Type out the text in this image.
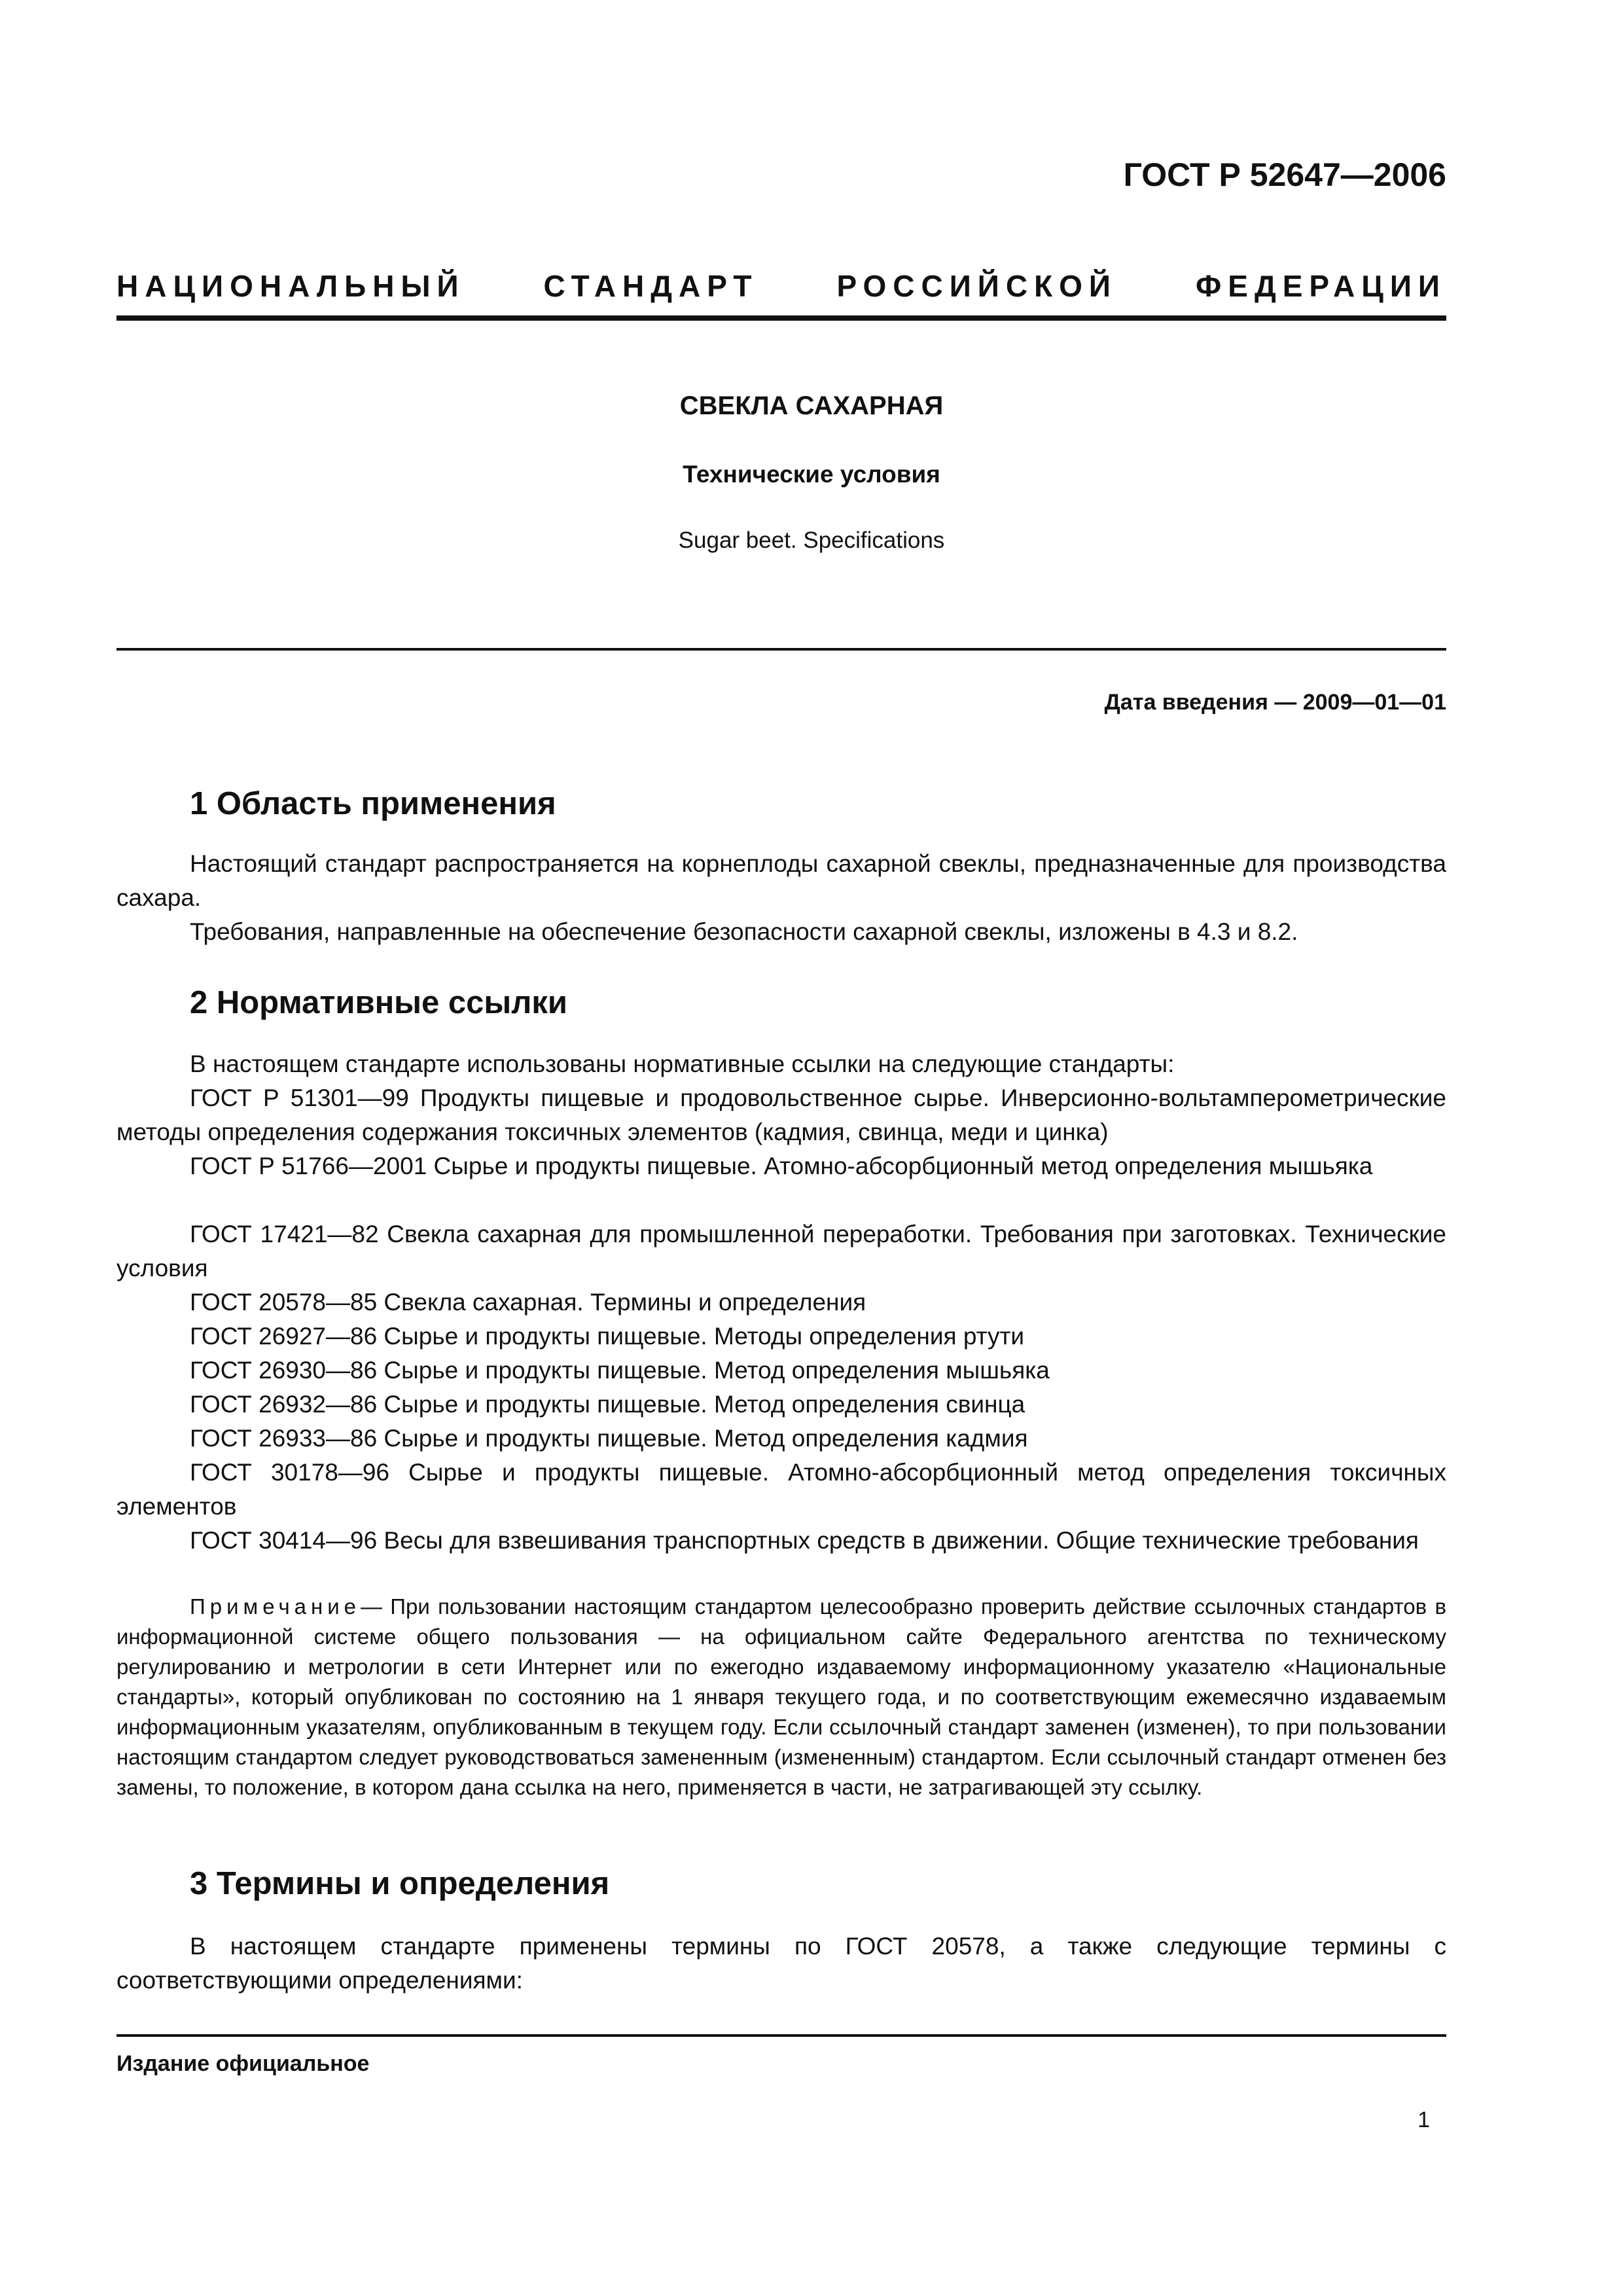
ГОСТ Р 52647—2006
НАЦИОНАЛЬНЫЙ СТАНДАРТ РОССИЙСКОЙ ФЕДЕРАЦИИ
СВЕКЛА САХАРНАЯ
Технические условия
Sugar beet. Specifications
Дата введения — 2009—01—01
1 Область применения
Настоящий стандарт распространяется на корнеплоды сахарной свеклы, предназначенные для производства сахара.
Требования, направленные на обеспечение безопасности сахарной свеклы, изложены в 4.3 и 8.2.
2 Нормативные ссылки
В настоящем стандарте использованы нормативные ссылки на следующие стандарты:
ГОСТ Р 51301—99 Продукты пищевые и продовольственное сырье. Инверсионно-вольтамперометрические методы определения содержания токсичных элементов (кадмия, свинца, меди и цинка)
ГОСТ Р 51766—2001 Сырье и продукты пищевые. Атомно-абсорбционный метод определения мышьяка
ГОСТ 17421—82 Свекла сахарная для промышленной переработки. Требования при заготовках. Технические условия
ГОСТ 20578—85 Свекла сахарная. Термины и определения
ГОСТ 26927—86 Сырье и продукты пищевые. Методы определения ртути
ГОСТ 26930—86 Сырье и продукты пищевые. Метод определения мышьяка
ГОСТ 26932—86 Сырье и продукты пищевые. Метод определения свинца
ГОСТ 26933—86 Сырье и продукты пищевые. Метод определения кадмия
ГОСТ 30178—96 Сырье и продукты пищевые. Атомно-абсорбционный метод определения токсичных элементов
ГОСТ 30414—96 Весы для взвешивания транспортных средств в движении. Общие технические требования
Примечание— При пользовании настоящим стандартом целесообразно проверить действие ссылочных стандартов в информационной системе общего пользования — на официальном сайте Федерального агентства по техническому регулированию и метрологии в сети Интернет или по ежегодно издаваемому информационному указателю «Национальные стандарты», который опубликован по состоянию на 1 января текущего года, и по соответствующим ежемесячно издаваемым информационным указателям, опубликованным в текущем году. Если ссылочный стандарт заменен (изменен), то при пользовании настоящим стандартом следует руководствоваться замененным (измененным) стандартом. Если ссылочный стандарт отменен без замены, то положение, в котором дана ссылка на него, применяется в части, не затрагивающей эту ссылку.
3 Термины и определения
В настоящем стандарте применены термины по ГОСТ 20578, а также следующие термины с соответствующими определениями:
Издание официальное
1
